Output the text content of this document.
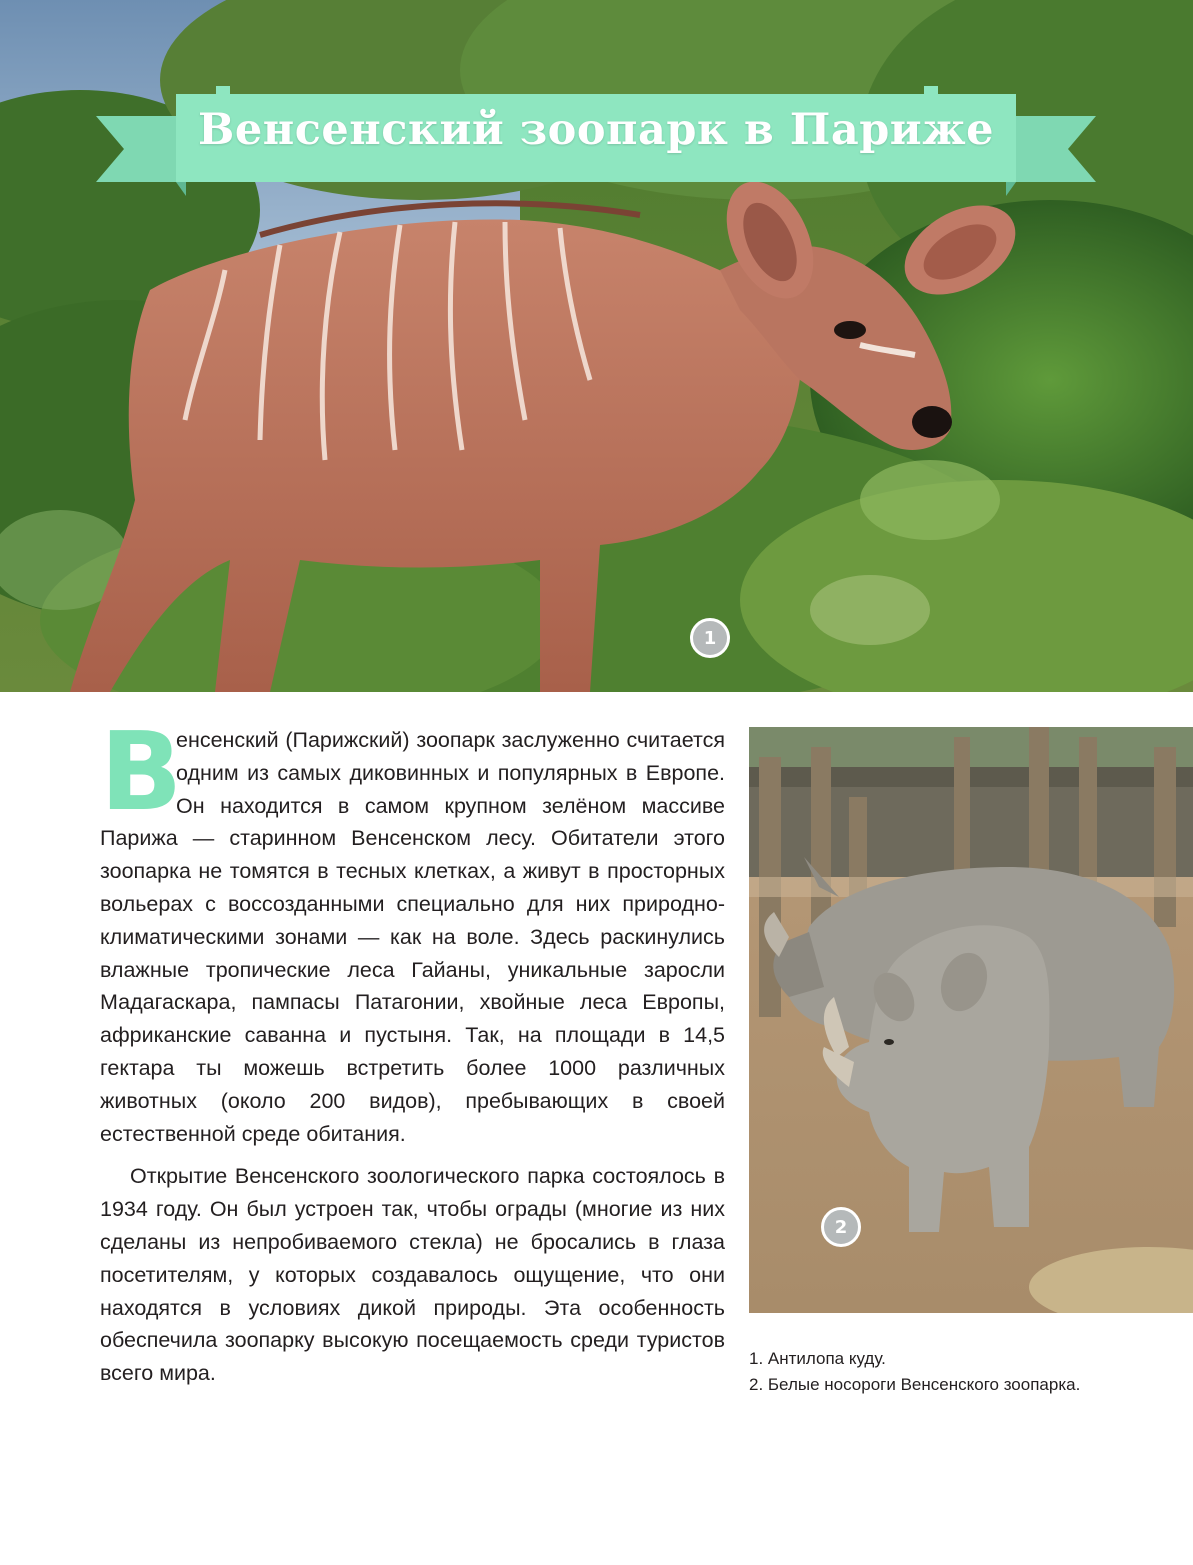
Венсенский зоопарк в Париже
1
В

енсенский (Парижский) зоопарк заслуженно считается одним из самых диковинных и популярных в Европе. Он находится в самом крупном зелёном массиве Парижа — старинном Венсенском лесу. Обитатели этого зоопарка не томятся в тесных клетках, а живут в просторных вольерах с воссозданными специально для них природно-климатическими зонами — как на воле. Здесь раскинулись влажные тропические леса Гайаны, уникальные заросли Мадагаскара, пампасы Патагонии, хвойные леса Европы, африканские саванна и пустыня. Так, на площади в 14,5 гектара ты можешь встретить более 1000 различных животных (около 200 видов), пребывающих в своей естественной среде обитания.

Открытие Венсенского зоологического парка состоялось в 1934 году. Он был устроен так, чтобы ограды (многие из них сделаны из непробиваемого стекла) не бросались в глаза посетителям, у которых создавалось ощущение, что они находятся в условиях дикой природы. Эта особенность обеспечила зоопарку высокую посещаемость среди туристов всего мира.

2
1. Антилопа куду.
2. Белые носороги Венсенского зоопарка.
